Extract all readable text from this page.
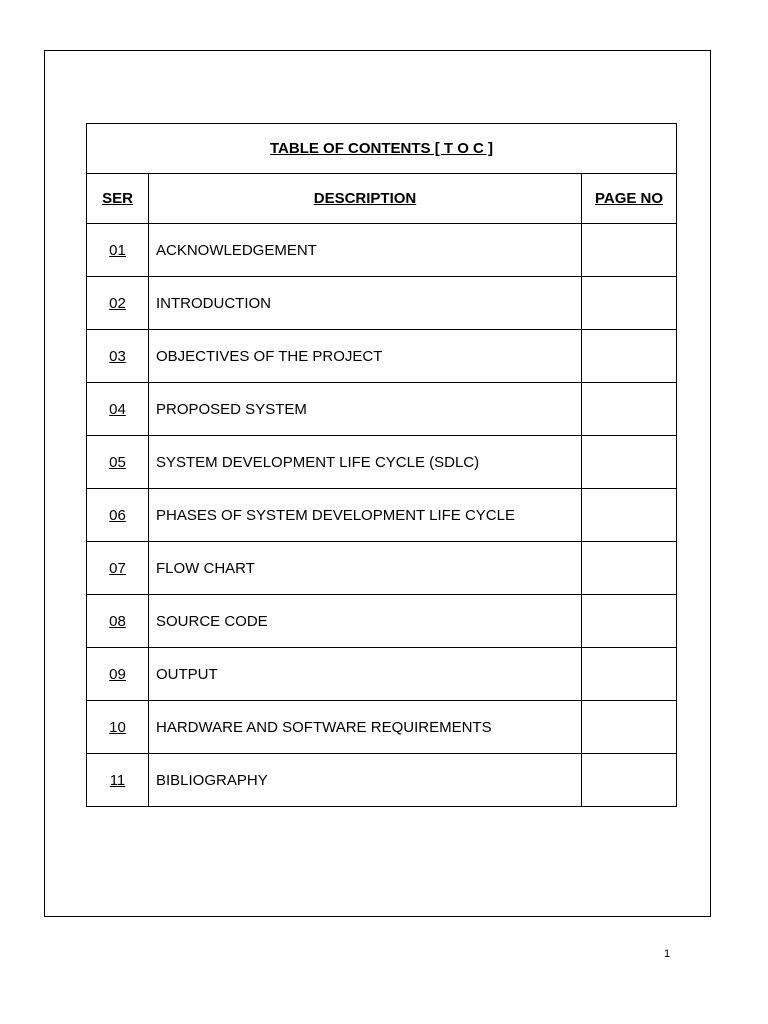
TABLE OF CONTENTS [ T O C ]		
SER	DESCRIPTION	PAGE NO
01	ACKNOWLEDGEMENT	
02	INTRODUCTION	
03	OBJECTIVES OF THE PROJECT	
04	PROPOSED SYSTEM	
05	SYSTEM DEVELOPMENT LIFE CYCLE (SDLC)	
06	PHASES OF SYSTEM DEVELOPMENT LIFE CYCLE	
07	FLOW CHART	
08	SOURCE CODE	
09	OUTPUT	
10	HARDWARE AND SOFTWARE REQUIREMENTS	
11	BIBLIOGRAPHY	
1
